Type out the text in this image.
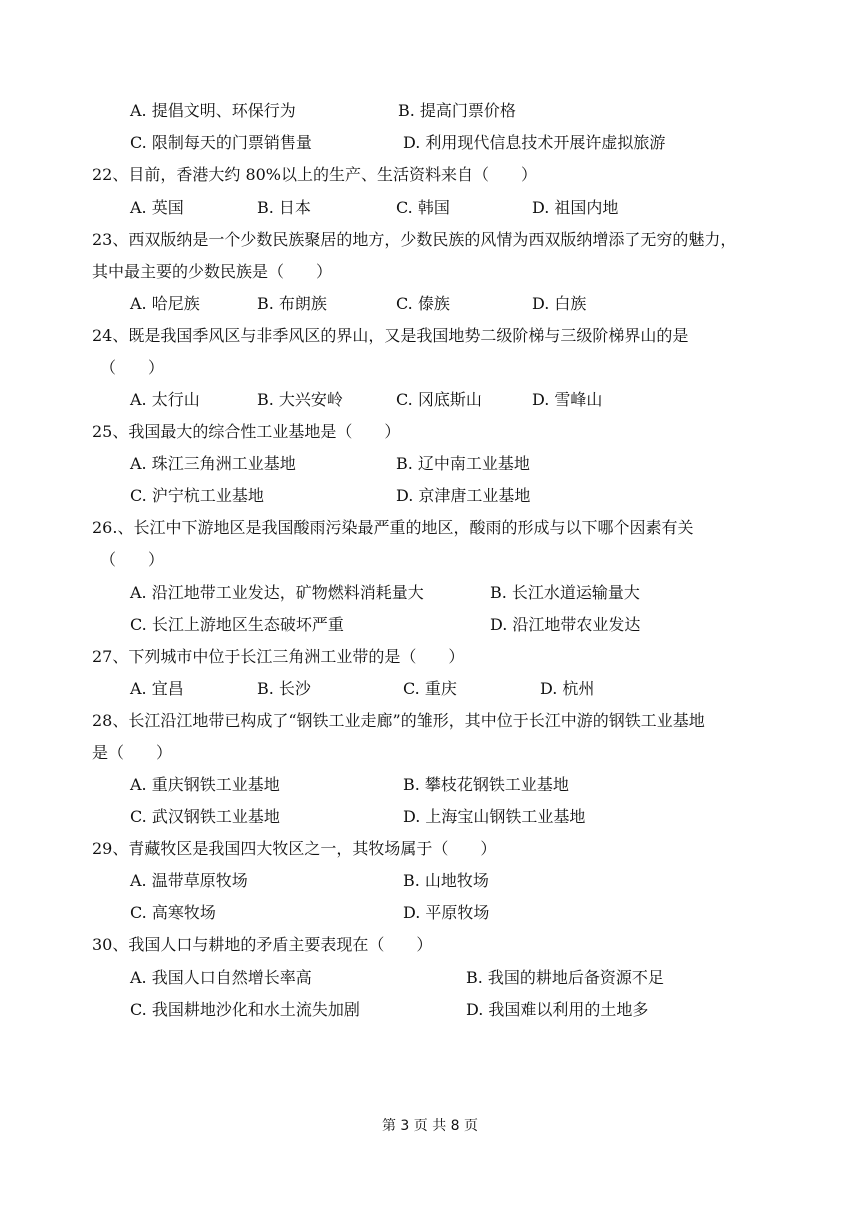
A. 提倡文明、环保行为	B. 提高门票价格
C. 限制每天的门票销售量	D. 利用现代信息技术开展许虚拟旅游
22、目前，香港大约 80%以上的生产、生活资料来自（　　）
A. 英国	B. 日本	C. 韩国	D. 祖国内地
23、西双版纳是一个少数民族聚居的地方，少数民族的风情为西双版纳增添了无穷的魅力，
其中最主要的少数民族是（　　）
A. 哈尼族	B. 布朗族	C. 傣族	D. 白族
24、既是我国季风区与非季风区的界山，又是我国地势二级阶梯与三级阶梯界山的是
（　　）
A. 太行山	B. 大兴安岭	C. 冈底斯山	D. 雪峰山
25、我国最大的综合性工业基地是（　　）
A. 珠江三角洲工业基地	B. 辽中南工业基地
C. 沪宁杭工业基地	D. 京津唐工业基地
26.、长江中下游地区是我国酸雨污染最严重的地区，酸雨的形成与以下哪个因素有关
（　　）
A. 沿江地带工业发达，矿物燃料消耗量大	B. 长江水道运输量大
C. 长江上游地区生态破坏严重	D. 沿江地带农业发达
27、下列城市中位于长江三角洲工业带的是（　　）
A. 宜昌	B. 长沙	C. 重庆	D. 杭州
28、长江沿江地带已构成了“钢铁工业走廊”的雏形，其中位于长江中游的钢铁工业基地
是（　　）
A. 重庆钢铁工业基地	B. 攀枝花钢铁工业基地
C. 武汉钢铁工业基地	D. 上海宝山钢铁工业基地
29、青藏牧区是我国四大牧区之一，其牧场属于（　　）
A. 温带草原牧场	B. 山地牧场
C. 高寒牧场	D. 平原牧场
30、我国人口与耕地的矛盾主要表现在（　　）
A. 我国人口自然增长率高	B. 我国的耕地后备资源不足
C. 我国耕地沙化和水土流失加剧	D. 我国难以利用的土地多
第 3 页 共 8 页
